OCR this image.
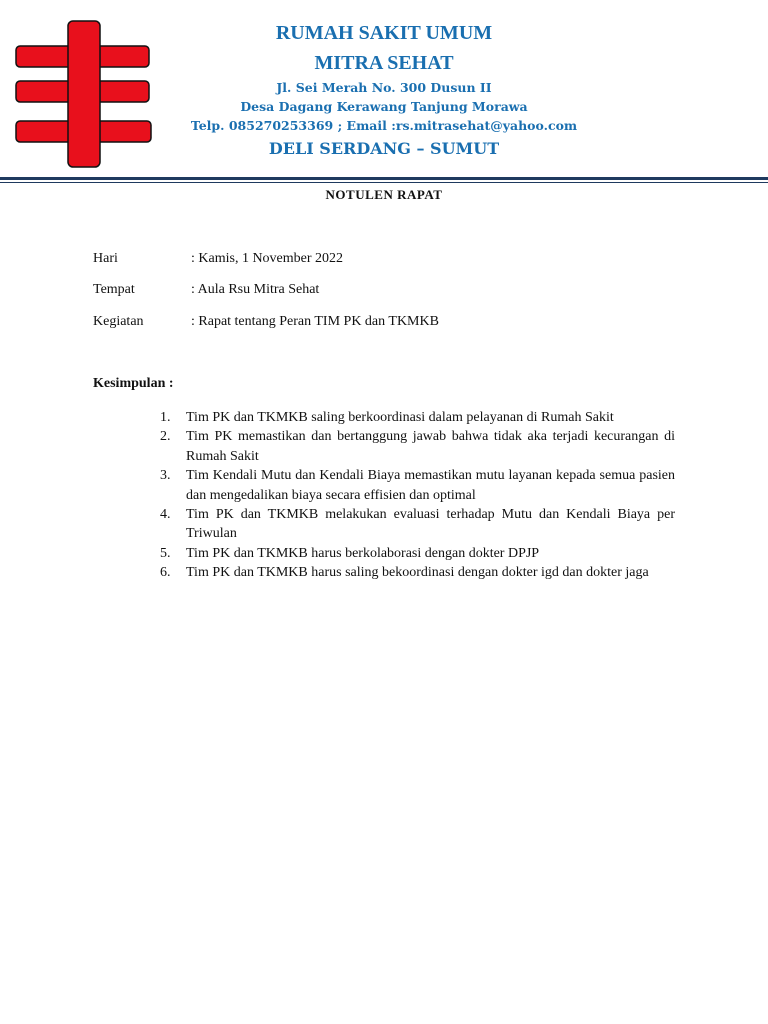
RUMAH SAKIT UMUM
MITRA SEHAT
Jl. Sei Merah No. 300 Dusun II
Desa Dagang Kerawang Tanjung Morawa
Telp. 085270253369 ; Email :rs.mitrasehat@yahoo.com
DELI SERDANG – SUMUT
NOTULEN RAPAT
Hari	: Kamis, 1 November 2022
Tempat	: Aula Rsu Mitra Sehat
Kegiatan	: Rapat tentang Peran TIM PK dan TKMKB
Kesimpulan :
1.	Tim PK dan TKMKB saling berkoordinasi dalam pelayanan di Rumah Sakit
2.	Tim PK memastikan dan bertanggung jawab bahwa tidak aka terjadi kecurangan di Rumah Sakit
3.	Tim Kendali Mutu dan Kendali Biaya memastikan mutu layanan kepada semua pasien dan mengedalikan biaya secara effisien dan optimal
4.	Tim PK dan TKMKB melakukan evaluasi terhadap Mutu dan Kendali Biaya per Triwulan
5.	Tim PK dan TKMKB harus berkolaborasi dengan dokter DPJP
6.	Tim PK dan TKMKB harus saling bekoordinasi dengan dokter igd dan dokter jaga
